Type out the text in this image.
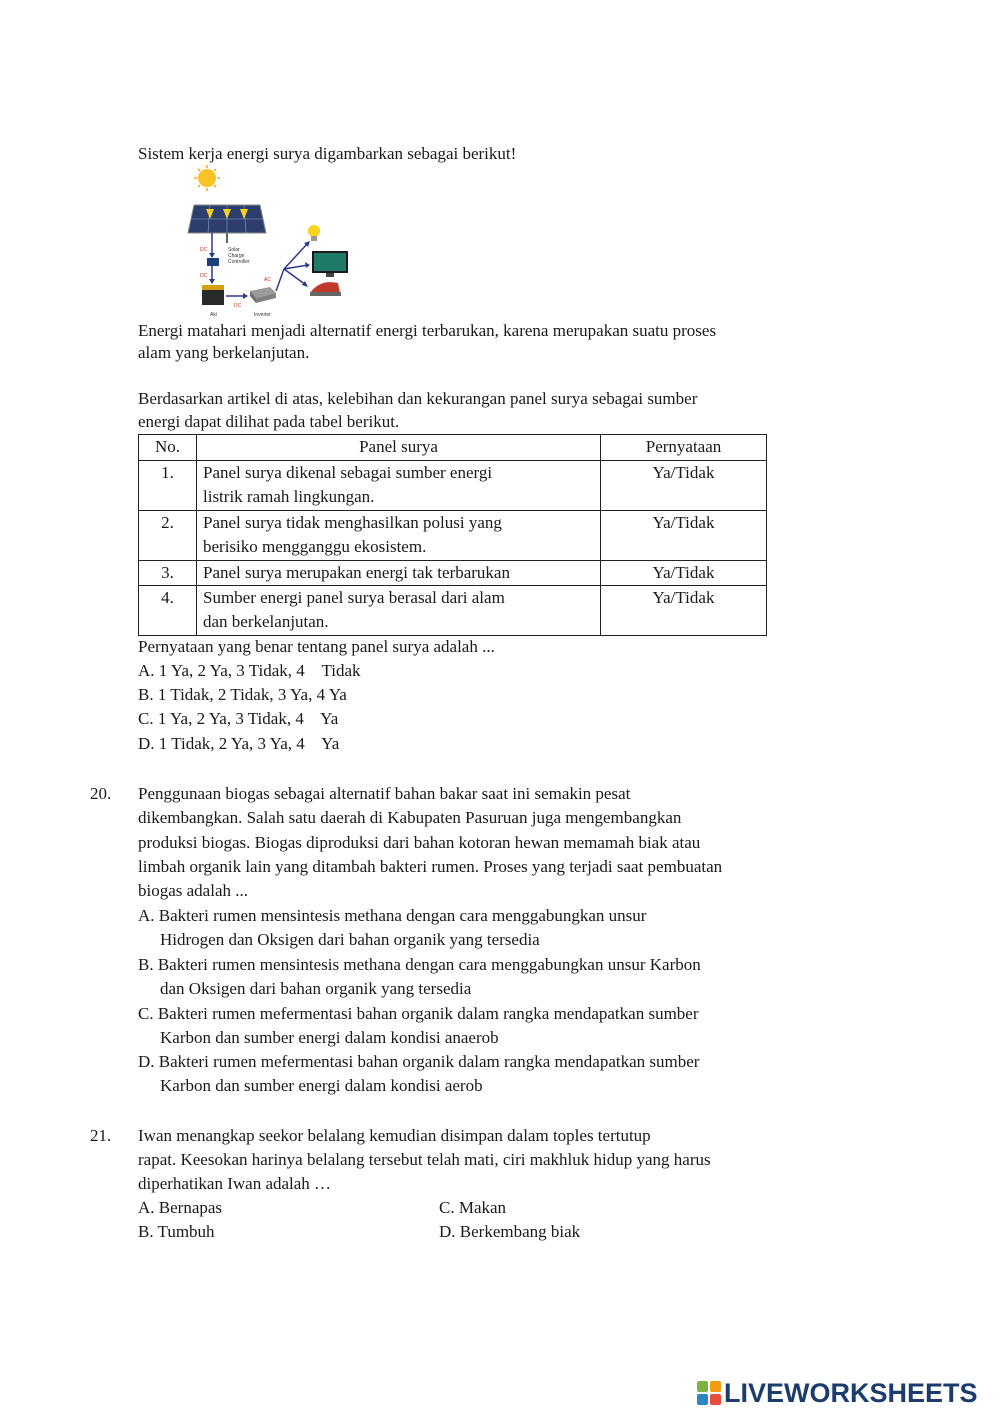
Sistem kerja energi surya digambarkan sebagai berikut!
DC	Solar
Charge
Controller
DC
Aki
DC
Inverter
AC
Energi matahari menjadi alternatif energi terbarukan, karena merupakan suatu proses
alam yang berkelanjutan.
Berdasarkan artikel di atas, kelebihan dan kekurangan panel surya sebagai sumber
energi dapat dilihat pada tabel berikut.
No.	Panel surya	Pernyataan
1.	Panel surya dikenal sebagai sumber energi
listrik ramah lingkungan.	Ya/Tidak
2.	Panel surya tidak menghasilkan polusi yang
berisiko mengganggu ekosistem.	Ya/Tidak
3.	Panel surya merupakan energi tak terbarukan	Ya/Tidak
4.	Sumber energi panel surya berasal dari alam
dan berkelanjutan.	Ya/Tidak
Pernyataan yang benar tentang panel surya adalah ...
A. 1 Ya, 2 Ya, 3 Tidak, 4    Tidak
B. 1 Tidak, 2 Tidak, 3 Ya, 4 Ya
C. 1 Ya, 2 Ya, 3 Tidak, 4    Ya
D. 1 Tidak, 2 Ya, 3 Ya, 4    Ya
20. Penggunaan biogas sebagai alternatif bahan bakar saat ini semakin pesat
dikembangkan. Salah satu daerah di Kabupaten Pasuruan juga mengembangkan
produksi biogas. Biogas diproduksi dari bahan kotoran hewan memamah biak atau
limbah organik lain yang ditambah bakteri rumen. Proses yang terjadi saat pembuatan
biogas adalah ...
A. Bakteri rumen mensintesis methana dengan cara menggabungkan unsur
Hidrogen dan Oksigen dari bahan organik yang tersedia
B. Bakteri rumen mensintesis methana dengan cara menggabungkan unsur Karbon
dan Oksigen dari bahan organik yang tersedia
C. Bakteri rumen mefermentasi bahan organik dalam rangka mendapatkan sumber
Karbon dan sumber energi dalam kondisi anaerob
D. Bakteri rumen mefermentasi bahan organik dalam rangka mendapatkan sumber
Karbon dan sumber energi dalam kondisi aerob
21. Iwan menangkap seekor belalang kemudian disimpan dalam toples tertutup
rapat. Keesokan harinya belalang tersebut telah mati, ciri makhluk hidup yang harus
diperhatikan Iwan adalah …
A. Bernapas	C. Makan
B. Tumbuh	D. Berkembang biak
LIVEWORKSHEETS
